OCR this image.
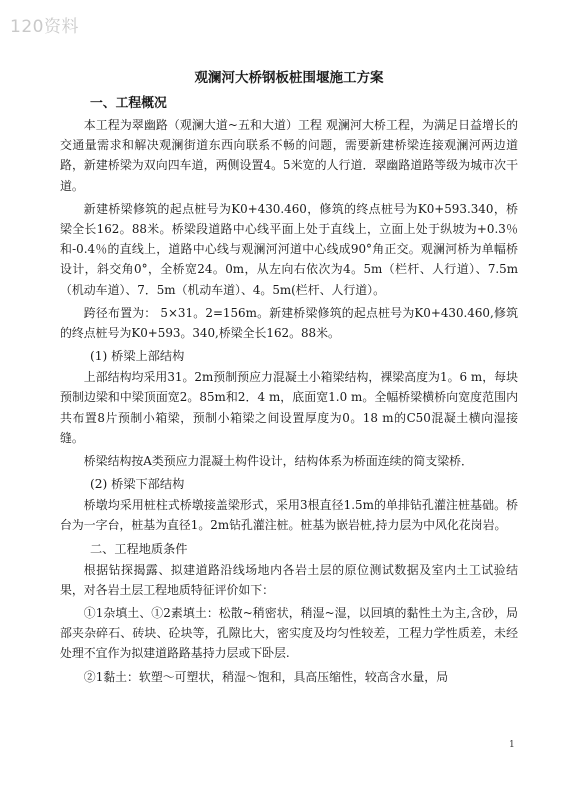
120资料
观澜河大桥钢板桩围堰施工方案
一、工程概况

本工程为翠幽路（观澜大道~五和大道）工程 观澜河大桥工程，为满足日益增长的交通量需求和解决观澜街道东西向联系不畅的问题，需要新建桥梁连接观澜河两边道路，新建桥梁为双向四车道，两侧设置4。5米宽的人行道．翠幽路道路等级为城市次干道。

新建桥梁修筑的起点桩号为K0+430.460，修筑的终点桩号为K0+593.340，桥梁全长162。88米。桥梁段道路中心线平面上处于直线上，立面上处于纵坡为+0.3％和-0.4％的直线上，道路中心线与观澜河河道中心线成90°角正交。观澜河桥为单幅桥设计，斜交角0°，全桥宽24。0m，从左向右依次为4。5m（栏杆、人行道）、7.5m（机动车道）、7．5m（机动车道）、4。5m(栏杆、人行道）。

跨径布置为： 5×31。2=156m。新建桥梁修筑的起点桩号为K0+430.460,修筑的终点桩号为K0+593。340,桥梁全长162。88米。

(1) 桥梁上部结构

上部结构均采用31。2m预制预应力混凝土小箱梁结构，裸梁高度为1。6 m，每块预制边梁和中梁顶面宽2。85m和2．4 m，底面宽1.0 m。全幅桥梁横桥向宽度范围内共布置8片预制小箱梁，预制小箱梁之间设置厚度为0。18 m的C50混凝土横向湿接缝。

桥梁结构按A类预应力混凝土构件设计，结构体系为桥面连续的简支梁桥．

(2) 桥梁下部结构

桥墩均采用桩柱式桥墩接盖梁形式，采用3根直径1.5m的单排钻孔灌注桩基础。桥台为一字台，桩基为直径1。2m钻孔灌注桩。桩基为嵌岩桩,持力层为中风化花岗岩。

二、工程地质条件

根据钻探揭露、拟建道路沿线场地内各岩土层的原位测试数据及室内土工试验结果，对各岩土层工程地质特征评价如下：

①1杂填土、①2素填土：松散~稍密状，稍湿~湿，以回填的黏性土为主,含砂，局部夹杂碎石、砖块、砼块等，孔隙比大，密实度及均匀性较差，工程力学性质差，未经处理不宜作为拟建道路路基持力层或下卧层.

②1黏土：软塑～可塑状，稍湿～饱和，具高压缩性，较高含水量，局

1
